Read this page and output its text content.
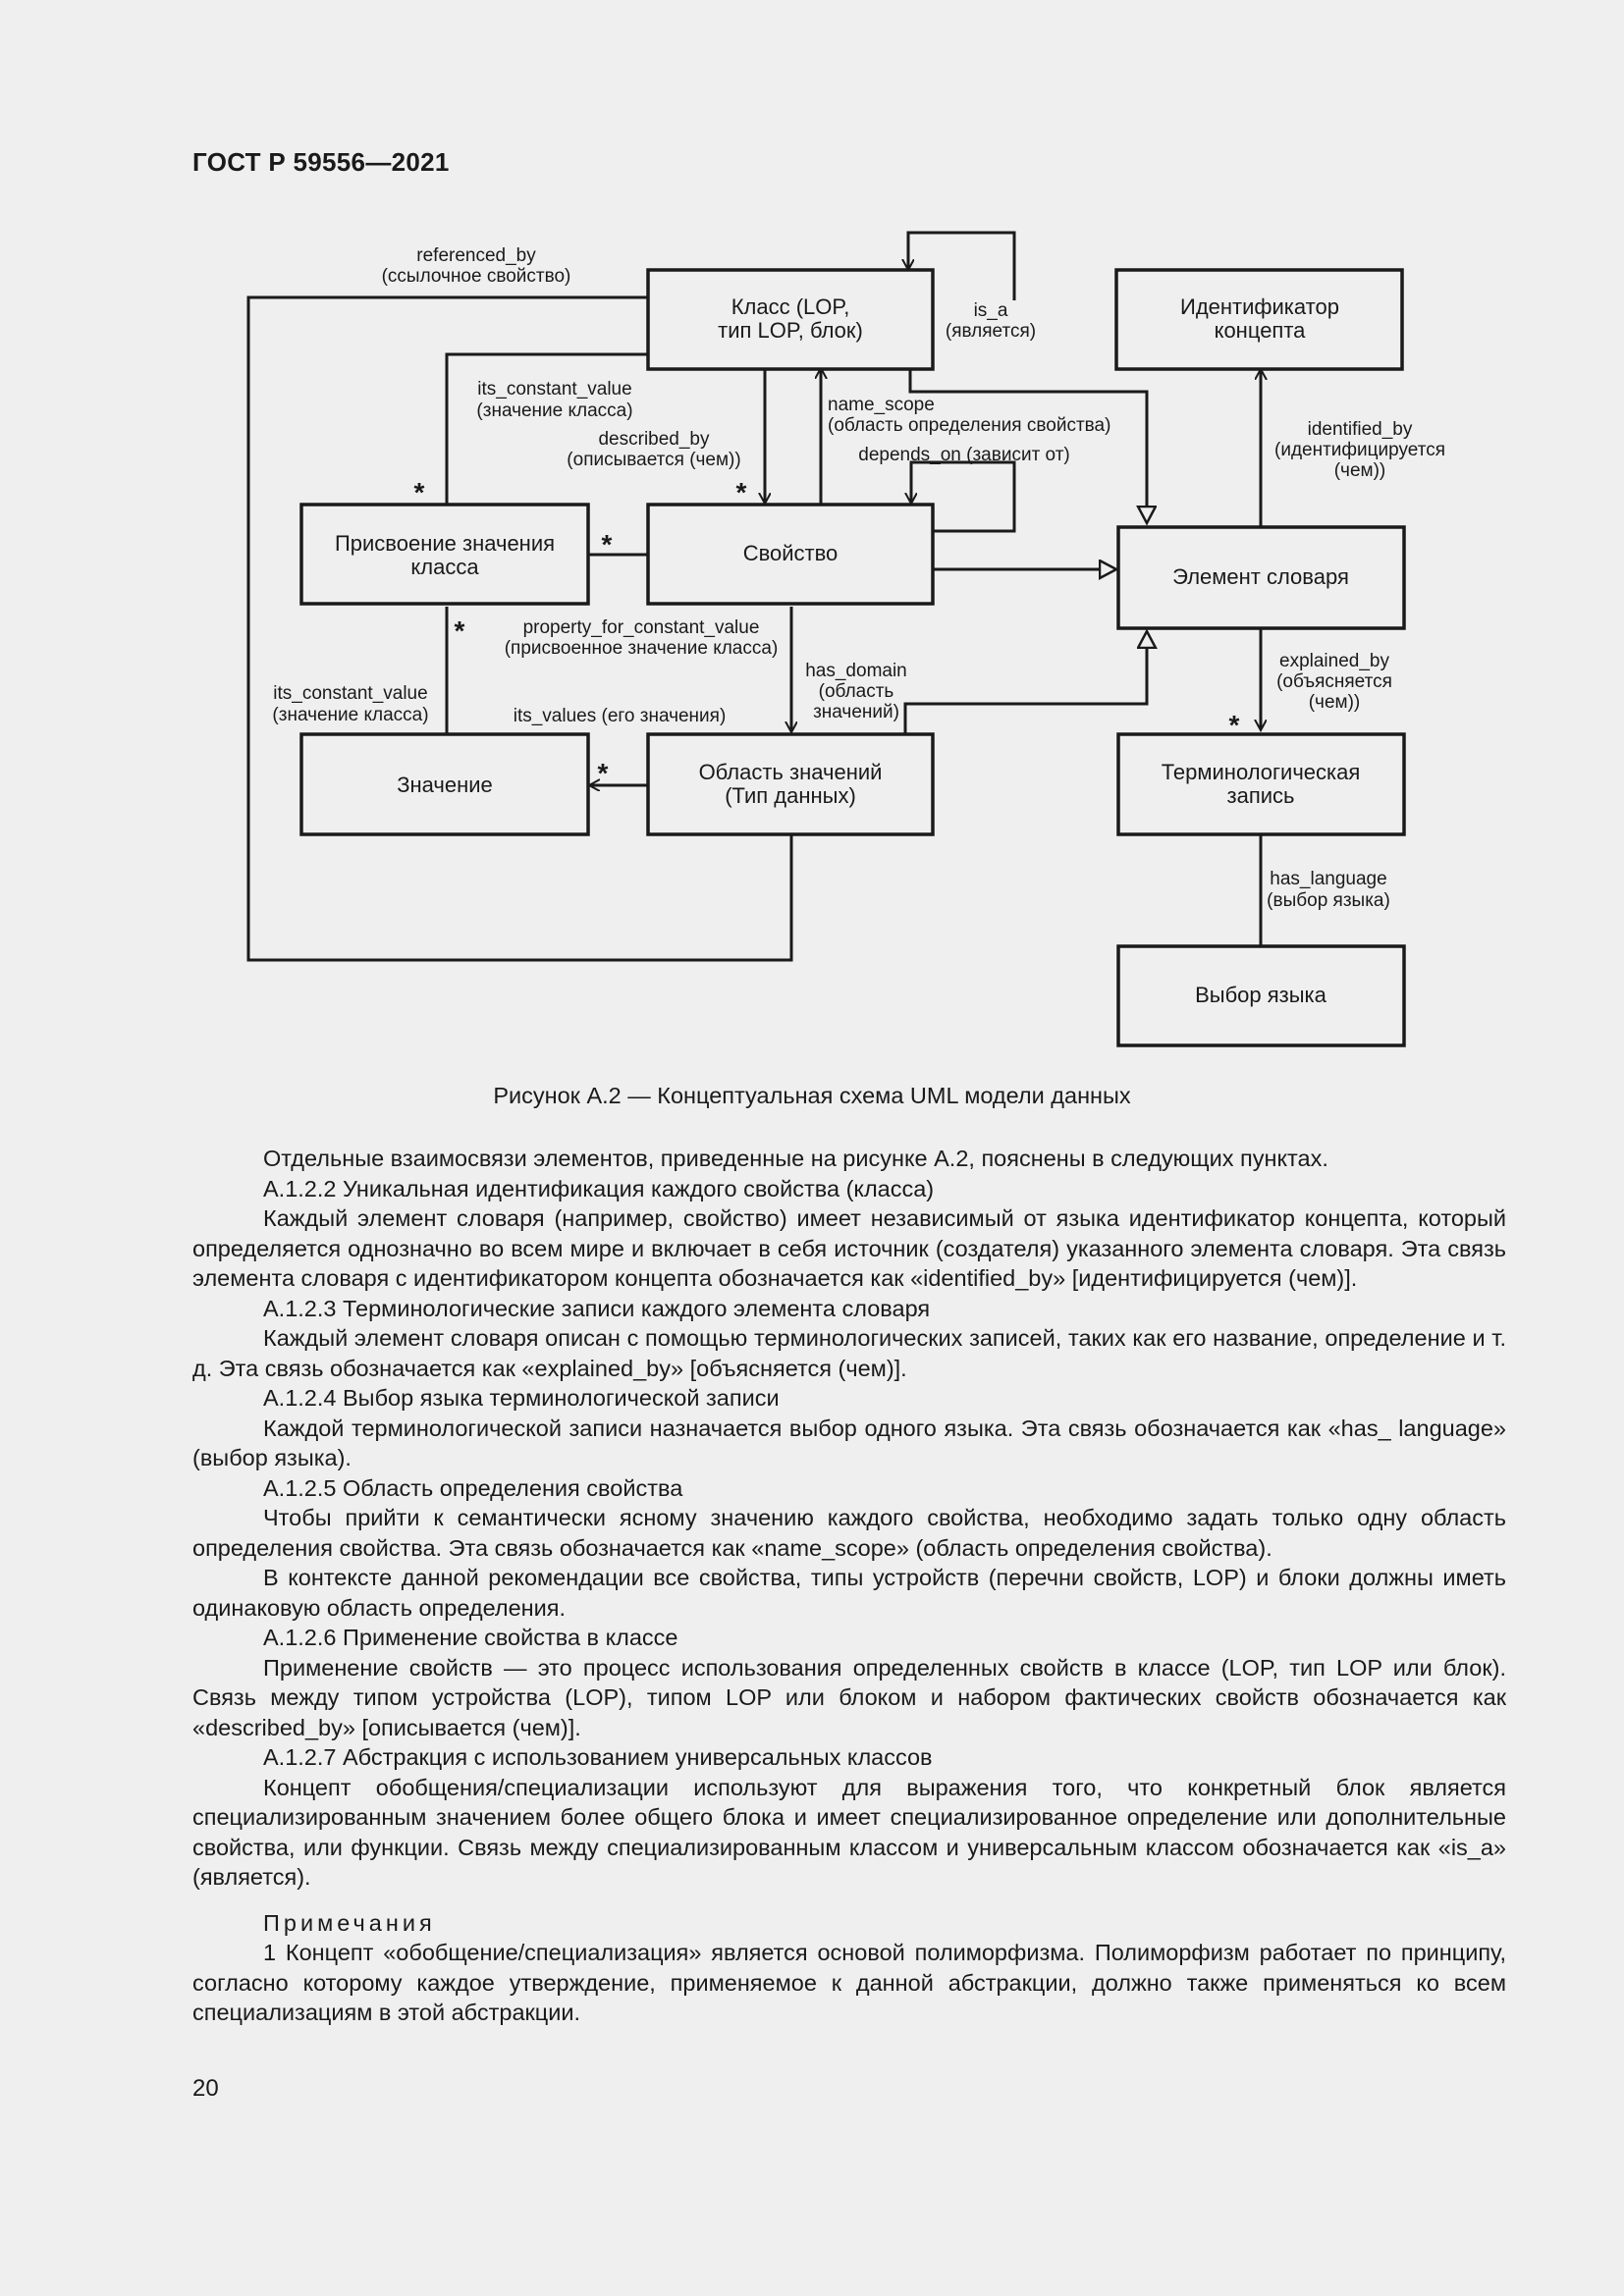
ГОСТ Р 59556—2021
Класс (LOP,
тип LOP, блок)
Идентификатор
концепта
Присвоение значения
класса
Свойство
Элемент словаря
Значение
Область значений
(Тип данных)
Терминологическая
запись
Выбор языка
referenced_by
(ссылочное свойство)
is_a
(является)
its_constant_value
(значение класса)	name_scope
(область определения свойства)	identified_by
(идентифицируется
(чем))
described_by
(описывается (чем))	depends_on (зависит от)
property_for_constant_value
(присвоенное значение класса)
has_domain
(область
значений)
explained_by
(объясняется
(чем))
its_constant_value
(значение класса)	its_values (его значения)
has_language
(выбор языка)
*	*
*
*
*
*
Рисунок А.2 — Концептуальная схема UML модели данных

Отдельные взаимосвязи элементов, приведенные на рисунке А.2, пояснены в следующих пунктах.

А.1.2.2 Уникальная идентификация каждого свойства (класса)

Каждый элемент словаря (например, свойство) имеет независимый от языка идентификатор концепта, который определяется однозначно во всем мире и включает в себя источник (создателя) указанного элемента словаря. Эта связь элемента словаря с идентификатором концепта обозначается как «identified_by» [идентифицируется (чем)].

А.1.2.3 Терминологические записи каждого элемента словаря

Каждый элемент словаря описан с помощью терминологических записей, таких как его название, определение и т. д. Эта связь обозначается как «explained_by» [объясняется (чем)].

А.1.2.4 Выбор языка терминологической записи

Каждой терминологической записи назначается выбор одного языка. Эта связь обозначается как «has_ language» (выбор языка).

А.1.2.5 Область определения свойства

Чтобы прийти к семантически ясному значению каждого свойства, необходимо задать только одну область определения свойства. Эта связь обозначается как «name_scope» (область определения свойства).

В контексте данной рекомендации все свойства, типы устройств (перечни свойств, LOP) и блоки должны иметь одинаковую область определения.

А.1.2.6 Применение свойства в классе

Применение свойств — это процесс использования определенных свойств в классе (LOP, тип LOP или блок). Связь между типом устройства (LOP), типом LOP или блоком и набором фактических свойств обозначается как «described_by» [описывается (чем)].

А.1.2.7 Абстракция с использованием универсальных классов

Концепт обобщения/специализации используют для выражения того, что конкретный блок является специализированным значением более общего блока и имеет специализированное определение или дополнительные свойства, или функции. Связь между специализированным классом и универсальным классом обозначается как «is_a» (является).

Примечания

1 Концепт «обобщение/специализация» является основой полиморфизма. Полиморфизм работает по принципу, согласно которому каждое утверждение, применяемое к данной абстракции, должно также применяться ко всем специализациям в этой абстракции.

20
